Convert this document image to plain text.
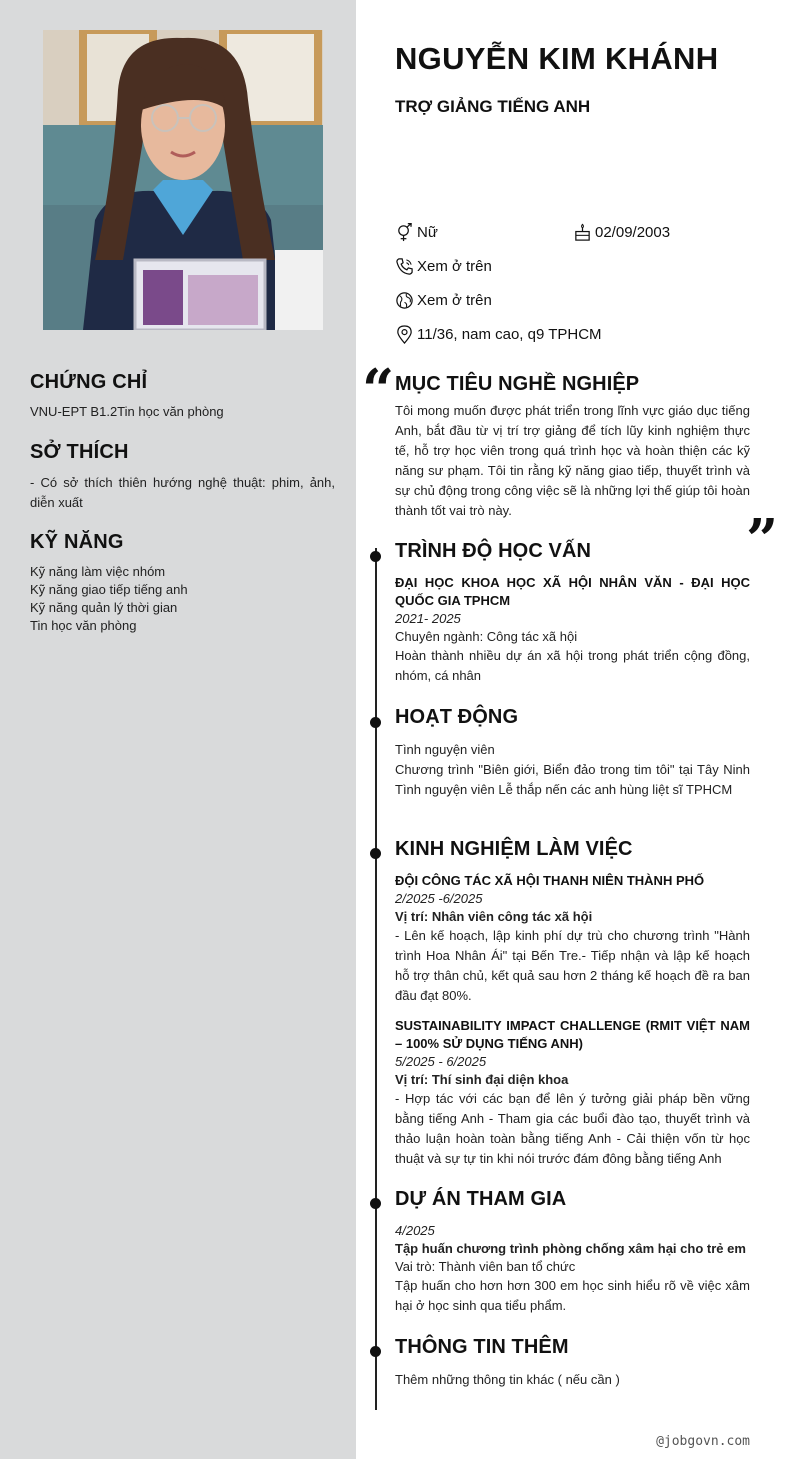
CHỨNG CHỈ

VNU-EPT B1.2Tin học văn phòng

SỞ THÍCH

- Có sở thích thiên hướng nghệ thuật: phim, ảnh, diễn xuất

KỸ NĂNG

Kỹ năng làm việc nhóm

Kỹ năng giao tiếp tiếng anh

Kỹ năng quản lý thời gian

Tin học văn phòng

NGUYỄN KIM KHÁNH
TRỢ GIẢNG TIẾNG ANH
Nữ	02/09/2003
Xem ở trên
Xem ở trên
11/36, nam cao, q9 TPHCM
“
”
MỤC TIÊU NGHỀ NGHIỆP

Tôi mong muốn được phát triển trong lĩnh vực giáo dục tiếng Anh, bắt đầu từ vị trí trợ giảng để tích lũy kinh nghiệm thực tế, hỗ trợ học viên trong quá trình học và hoàn thiện các kỹ năng sư phạm. Tôi tin rằng kỹ năng giao tiếp, thuyết trình và sự chủ động trong công việc sẽ là những lợi thế giúp tôi hoàn thành tốt vai trò này.

TRÌNH ĐỘ HỌC VẤN

ĐẠI HỌC KHOA HỌC XÃ HỘI NHÂN VĂN - ĐẠI HỌC QUỐC GIA TPHCM

2021- 2025

Chuyên ngành: Công tác xã hội

Hoàn thành nhiều dự án xã hội trong phát triển cộng đồng, nhóm, cá nhân

HOẠT ĐỘNG

Tình nguyện viên

Chương trình "Biên giới, Biển đảo trong tim tôi" tại Tây Ninh Tình nguyện viên Lễ thắp nến các anh hùng liệt sĩ TPHCM

KINH NGHIỆM LÀM VIỆC

ĐỘI CÔNG TÁC XÃ HỘI THANH NIÊN THÀNH PHỐ

2/2025 -6/2025

Vị trí: Nhân viên công tác xã hội

- Lên kế hoạch, lập kinh phí dự trù cho chương trình "Hành trình Hoa Nhân Ái" tại Bến Tre.- Tiếp nhận và lập kế hoạch hỗ trợ thân chủ, kết quả sau hơn 2 tháng kế hoạch đề ra ban đầu đạt 80%.

SUSTAINABILITY IMPACT CHALLENGE (RMIT VIỆT NAM – 100% SỬ DỤNG TIẾNG ANH)

5/2025 - 6/2025

Vị trí: Thí sinh đại diện khoa

- Hợp tác với các bạn để lên ý tưởng giải pháp bền vững bằng tiếng Anh - Tham gia các buổi đào tạo, thuyết trình và thảo luận hoàn toàn bằng tiếng Anh - Cải thiện vốn từ học thuật và sự tự tin khi nói trước đám đông bằng tiếng Anh

DỰ ÁN THAM GIA

4/2025

Tập huấn chương trình phòng chống xâm hại cho trẻ em

Vai trò: Thành viên ban tổ chức

Tập huấn cho hơn hơn 300 em học sinh hiểu rõ về việc xâm hại ở học sinh qua tiểu phẩm.

THÔNG TIN THÊM

Thêm những thông tin khác ( nếu cần )

@jobgovn.com
